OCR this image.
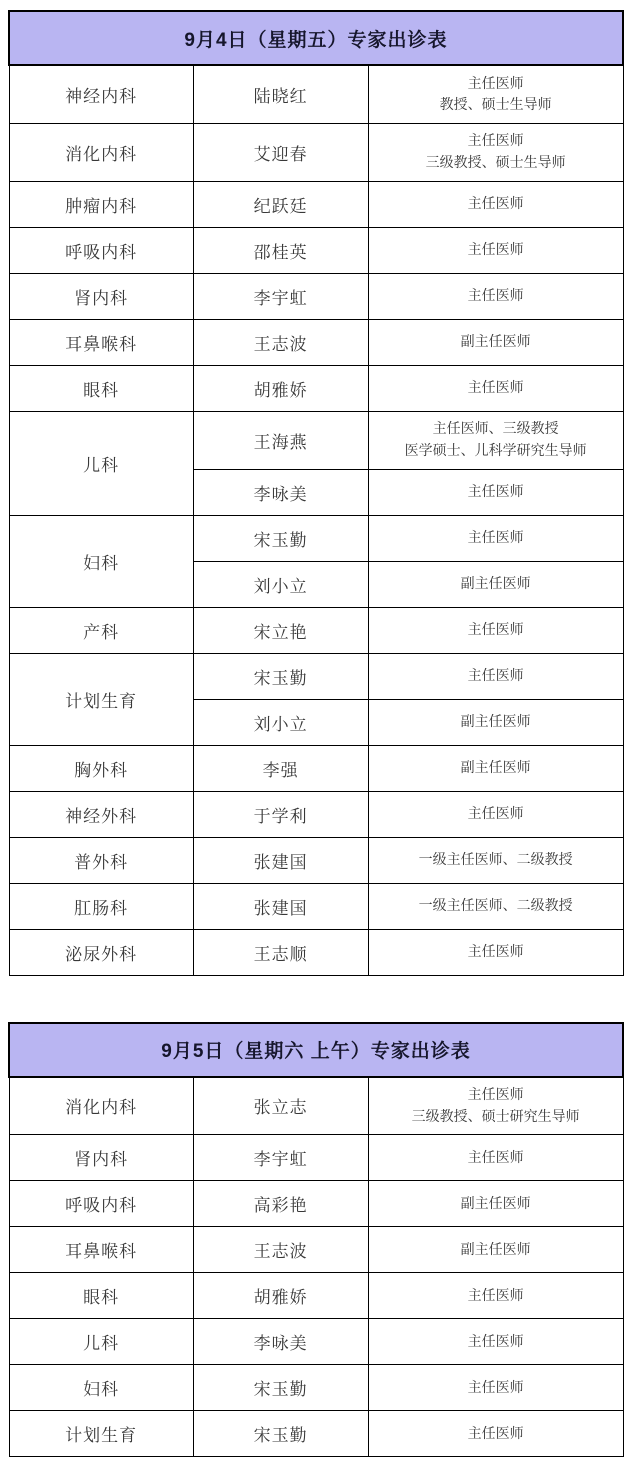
9月4日（星期五）专家出诊表		
神经内科	陆晓红	主任医师
教授、硕士生导师

消化内科	艾迎春	主任医师
三级教授、硕士生导师

肿瘤内科	纪跃廷	主任医师

呼吸内科	邵桂英	主任医师

肾内科	李宇虹	主任医师

耳鼻喉科	王志波	副主任医师

眼科	胡雅娇	主任医师

儿科	王海燕	主任医师、三级教授
医学硕士、儿科学研究生导师

	李咏美	主任医师

妇科	宋玉勤	主任医师

	刘小立	副主任医师

产科	宋立艳	主任医师

计划生育	宋玉勤	主任医师

	刘小立	副主任医师

胸外科	李强	副主任医师

神经外科	于学利	主任医师

普外科	张建国	一级主任医师、二级教授

肛肠科	张建国	一级主任医师、二级教授

泌尿外科	王志顺	主任医师
9月5日（星期六 上午）专家出诊表		
消化内科	张立志	主任医师
三级教授、硕士研究生导师

肾内科	李宇虹	主任医师

呼吸内科	高彩艳	副主任医师

耳鼻喉科	王志波	副主任医师

眼科	胡雅娇	主任医师

儿科	李咏美	主任医师

妇科	宋玉勤	主任医师

计划生育	宋玉勤	主任医师
